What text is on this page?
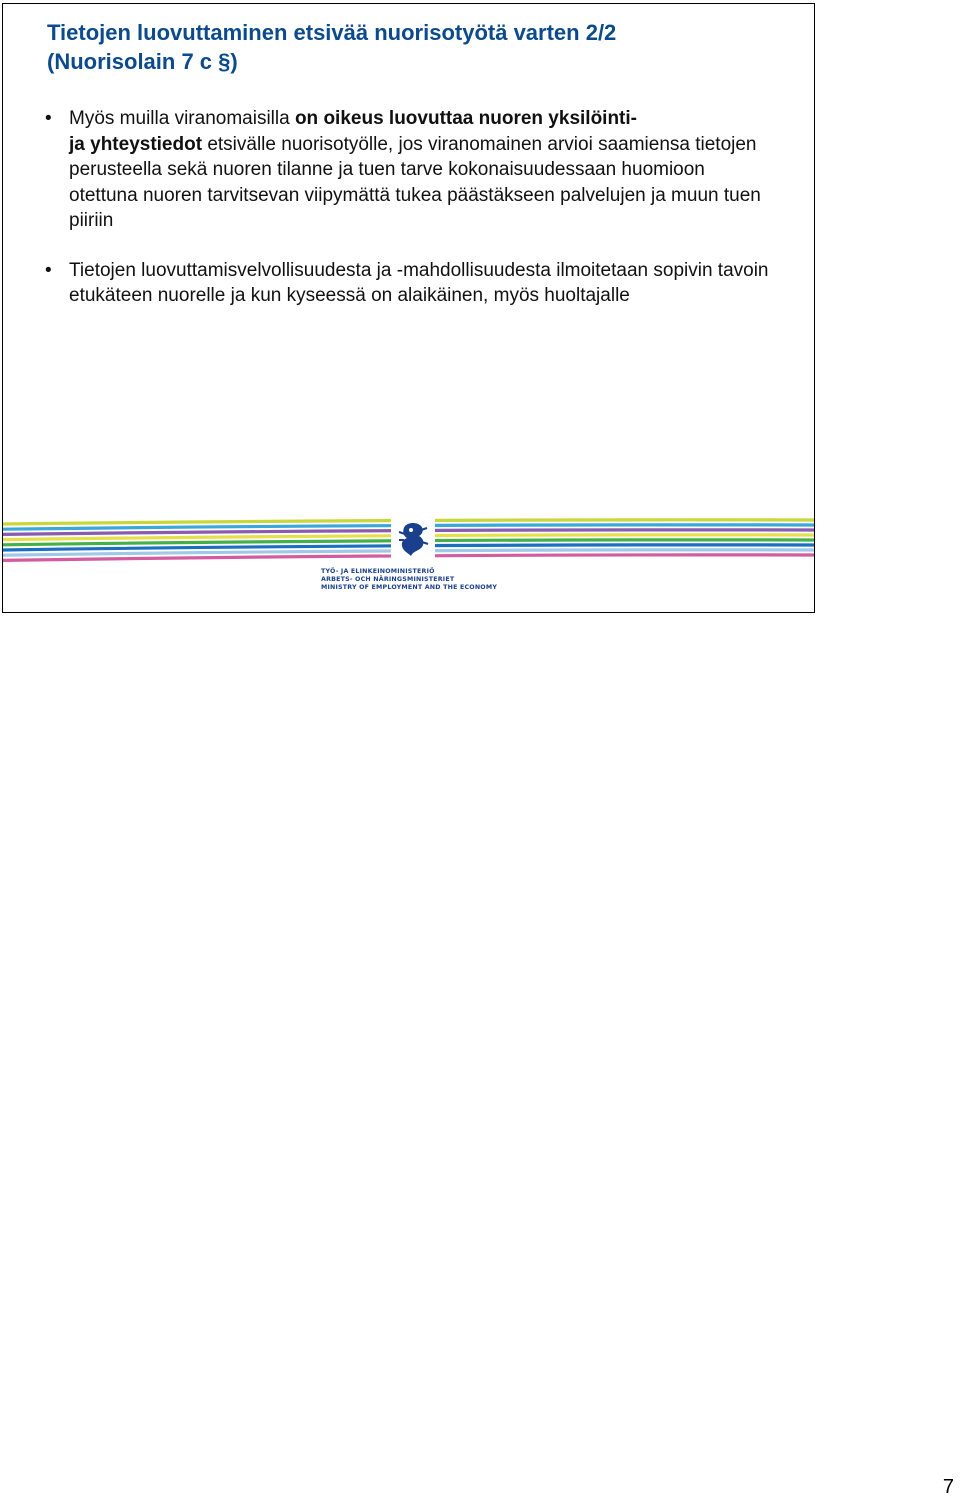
Tietojen luovuttaminen etsivää nuorisotyötä varten 2/2
(Nuorisolain 7 c §)
• Myös muilla viranomaisilla on oikeus luovuttaa nuoren yksilöinti-
ja yhteystiedot etsivälle nuorisotyölle, jos viranomainen arvioi saamiensa tietojen perusteella sekä nuoren tilanne ja tuen tarve kokonaisuudessaan huomioon otettuna nuoren tarvitsevan viipymättä tukea päästäkseen palvelujen ja muun tuen piiriin
• Tietojen luovuttamisvelvollisuudesta ja -mahdollisuudesta ilmoitetaan sopivin tavoin etukäteen nuorelle ja kun kyseessä on alaikäinen, myös huoltajalle
TYÖ- JA ELINKEINOMINISTERIÖ
ARBETS- OCH NÄRINGSMINISTERIET
MINISTRY OF EMPLOYMENT AND THE ECONOMY
7
